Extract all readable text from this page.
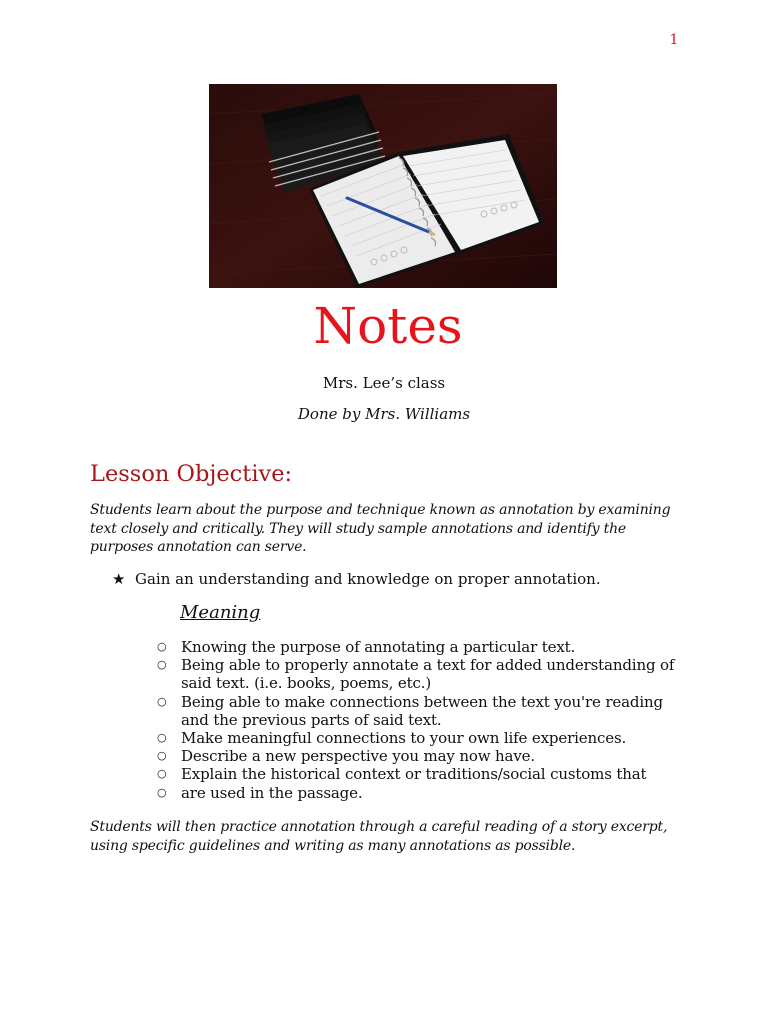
1
Notes
Mrs. Lee’s class
Done by Mrs. Williams
Lesson Objective:
Students learn about the purpose and technique known as annotation by examining text closely and critically. They will study sample annotations and identify the purposes annotation can serve.
★ Gain an understanding and knowledge on proper annotation.
Meaning
○ Knowing the purpose of annotating a particular text.
○ Being able to properly annotate a text for added understanding of said text. (i.e. books, poems, etc.)
○ Being able to make connections between the text you're reading and the previous parts of said text.
○ Make meaningful connections to your own life experiences.
○ Describe a new perspective you may now have.
○ Explain the historical context or traditions/social customs that
○ are used in the passage.
Students will then practice annotation through a careful reading of a story excerpt, using specific guidelines and writing as many annotations as possible.
